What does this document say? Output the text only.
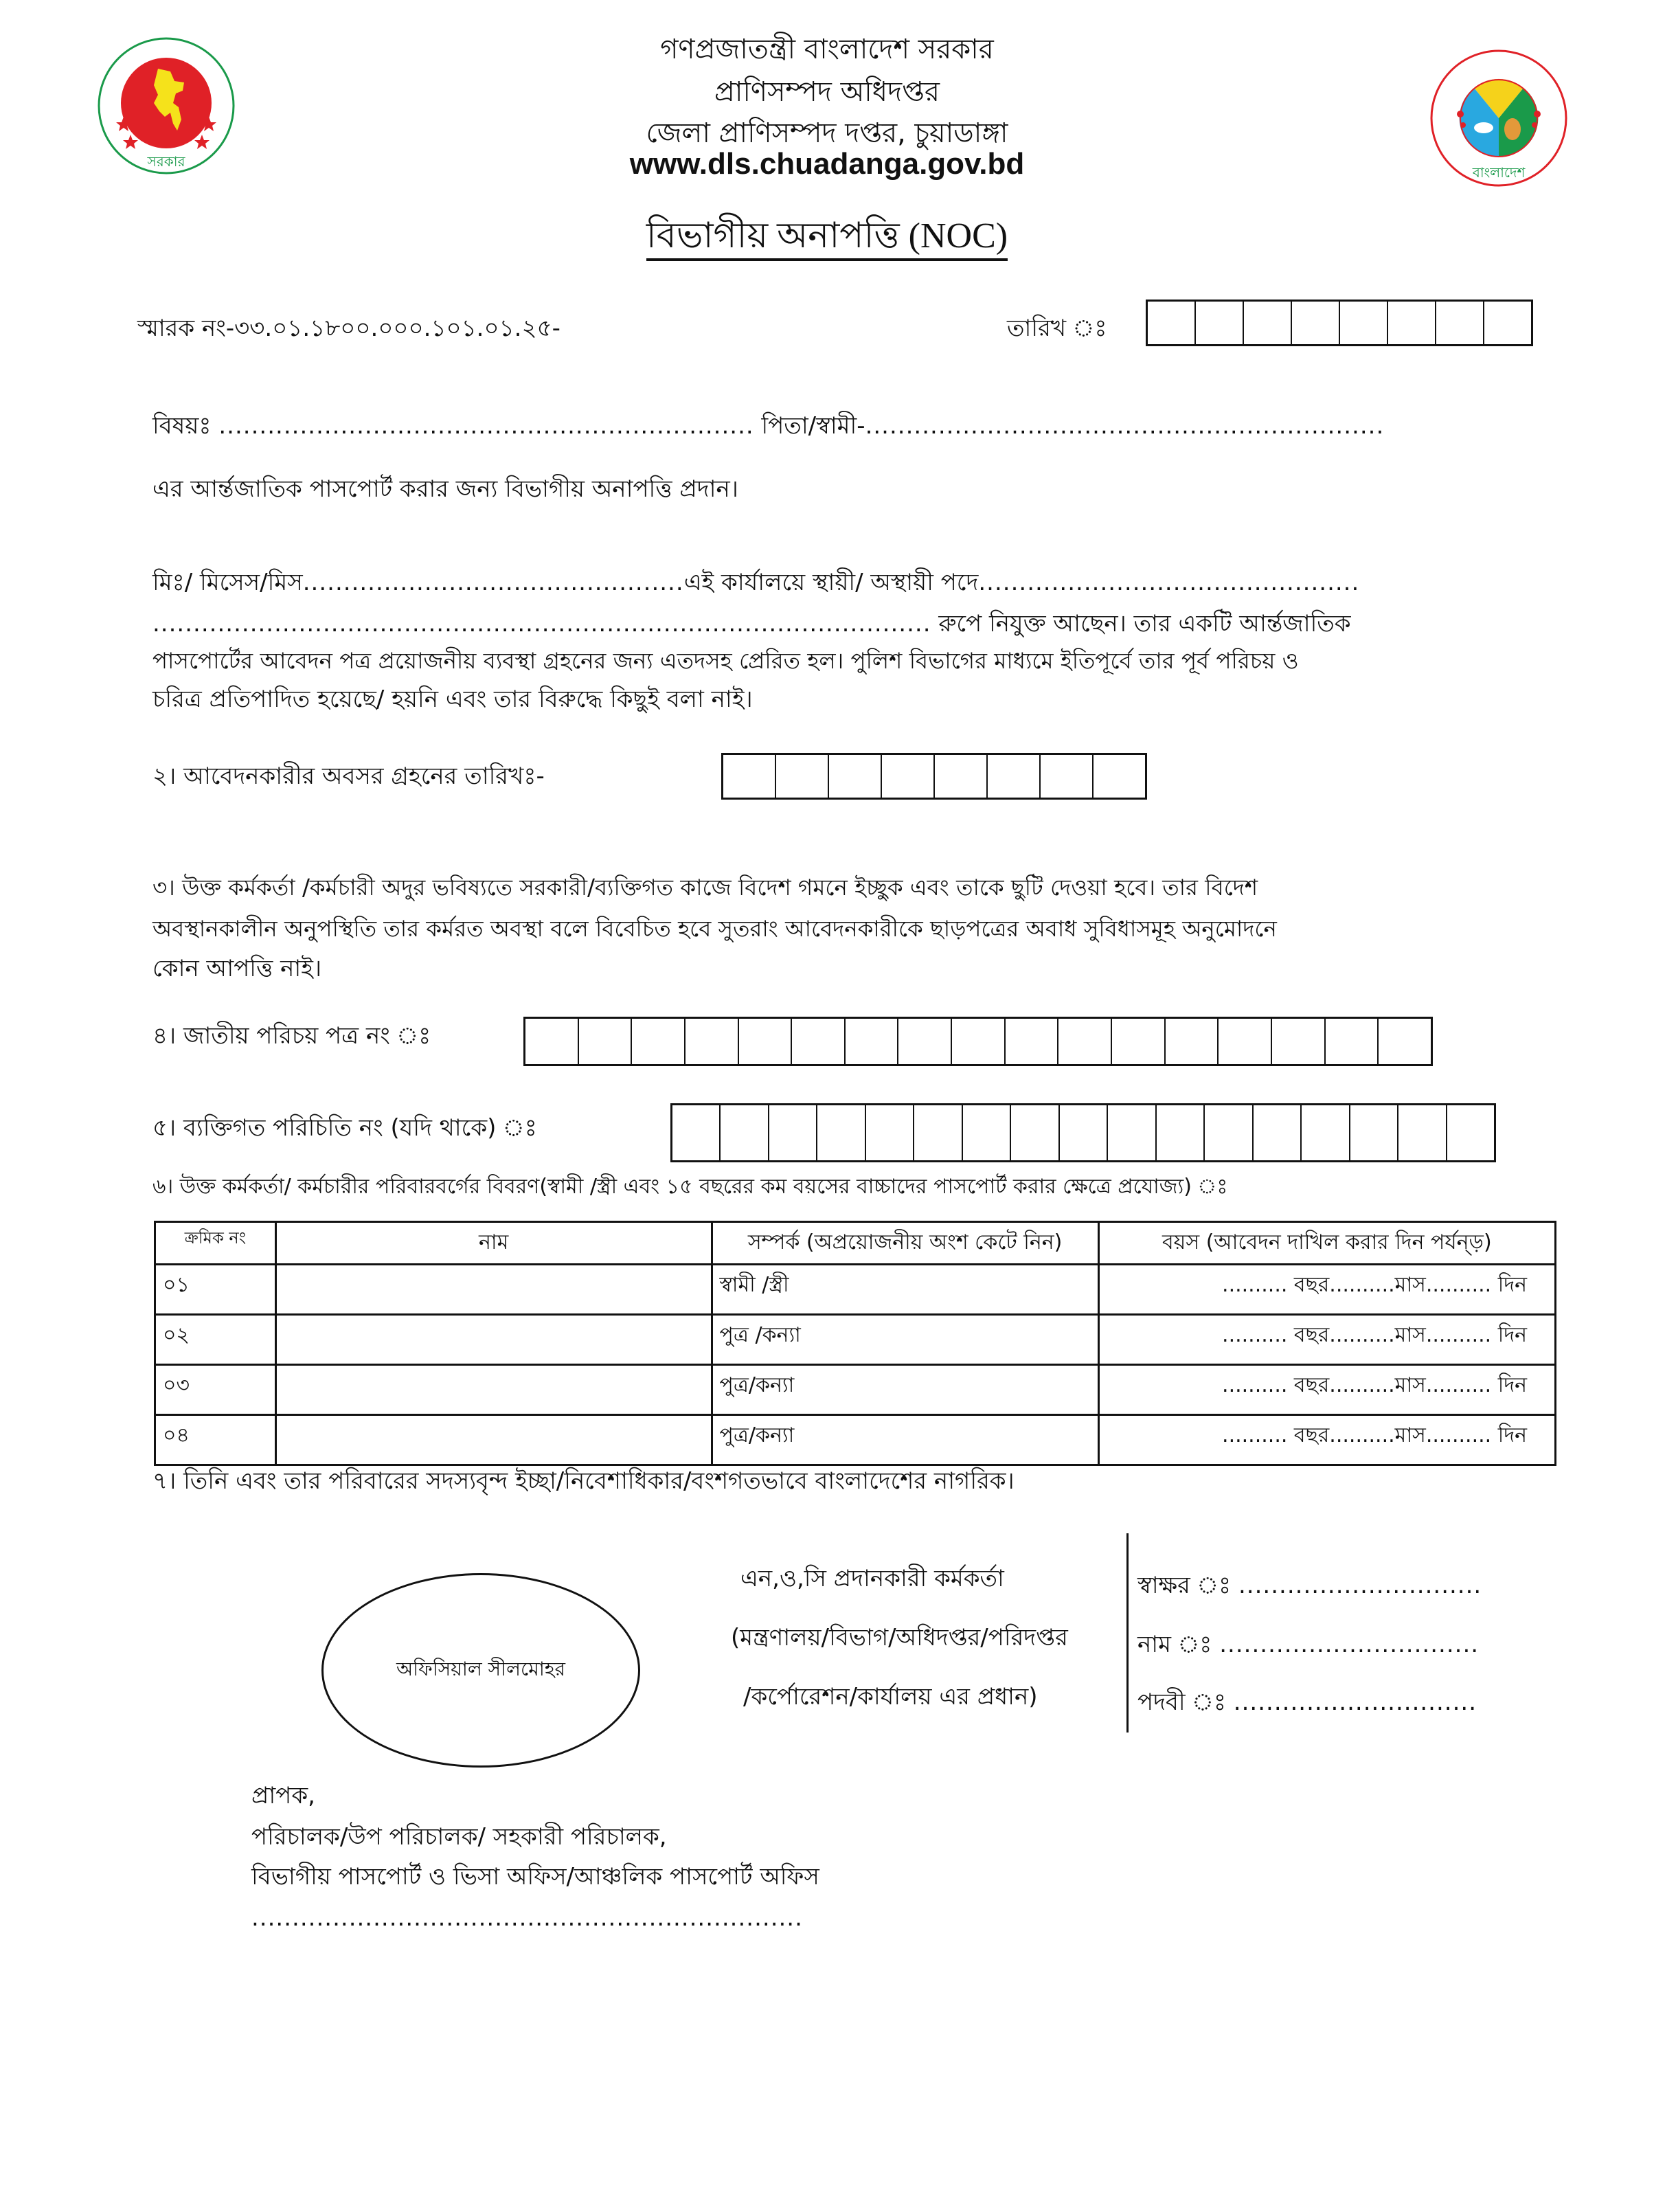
সরকার
বাংলাদেশ
গণপ্রজাতন্ত্রী বাংলাদেশ সরকার
প্রাণিসম্পদ অধিদপ্তর
জেলা প্রাণিসম্পদ দপ্তর, চুয়াডাঙ্গা
www.dls.chuadanga.gov.bd
বিভাগীয় অনাপত্তি (NOC)
স্মারক নং-৩৩.০১.১৮০০.০০০.১০১.০১.২৫-	তারিখ ঃ
বিষয়ঃ .................................................................. পিতা/স্বামী-................................................................
এর আর্ন্তজাতিক পাসপোর্ট করার জন্য বিভাগীয় অনাপত্তি প্রদান।
মিঃ/ মিসেস/মিস...............................................এই কার্যালয়ে স্থায়ী/ অস্থায়ী পদে...............................................
................................................................................................ রুপে নিযুক্ত আছেন। তার একটি আর্ন্তজাতিক
পাসপোর্টের আবেদন পত্র প্রয়োজনীয় ব্যবস্থা গ্রহনের জন্য এতদসহ প্রেরিত হল। পুলিশ বিভাগের মাধ্যমে ইতিপূর্বে তার পূর্ব পরিচয় ও
চরিত্র প্রতিপাদিত হয়েছে/ হয়নি এবং তার বিরুদ্ধে কিছুই বলা নাই।
২। আবেদনকারীর অবসর গ্রহনের তারিখঃ-
৩। উক্ত কর্মকর্তা /কর্মচারী অদুর ভবিষ্যতে সরকারী/ব্যক্তিগত কাজে বিদেশ গমনে ইচ্ছুক এবং তাকে ছুটি দেওয়া হবে। তার বিদেশ
অবস্থানকালীন অনুপস্থিতি তার কর্মরত অবস্থা বলে বিবেচিত হবে সুতরাং আবেদনকারীকে ছাড়পত্রের অবাধ সুবিধাসমূহ অনুমোদনে
কোন আপত্তি নাই।
৪। জাতীয় পরিচয় পত্র নং ঃ
৫। ব্যক্তিগত পরিচিতি নং (যদি থাকে) ঃ
৬। উক্ত কর্মকর্তা/ কর্মচারীর পরিবারবর্গের বিবরণ(স্বামী /স্ত্রী এবং ১৫ বছরের কম বয়সের বাচ্চাদের পাসপোর্ট করার ক্ষেত্রে প্রযোজ্য) ঃ
ক্রমিক নং	নাম	সম্পর্ক (অপ্রয়োজনীয় অংশ কেটে নিন)	বয়স (আবেদন দাখিল করার দিন পর্যন্ড়)
০১		স্বামী /স্ত্রী	.......... বছর..........মাস.......... দিন
০২		পুত্র /কন্যা	.......... বছর..........মাস.......... দিন
০৩		পুত্র/কন্যা	.......... বছর..........মাস.......... দিন
০৪		পুত্র/কন্যা	.......... বছর..........মাস.......... দিন
৭। তিনি এবং তার পরিবারের সদস্যবৃন্দ ইচ্ছা/নিবেশাধিকার/বংশগতভাবে বাংলাদেশের নাগরিক।
অফিসিয়াল সীলমোহর
এন,ও,সি প্রদানকারী কর্মকর্তা
(মন্ত্রণালয়/বিভাগ/অধিদপ্তর/পরিদপ্তর
/কর্পোরেশন/কার্যালয় এর প্রধান)
স্বাক্ষর ঃ ..............................
নাম ঃ ................................
পদবী ঃ ..............................
প্রাপক,
পরিচালক/উপ পরিচালক/ সহকারী পরিচালক,
বিভাগীয় পাসপোর্ট ও ভিসা অফিস/আঞ্চলিক পাসপোর্ট অফিস
....................................................................
